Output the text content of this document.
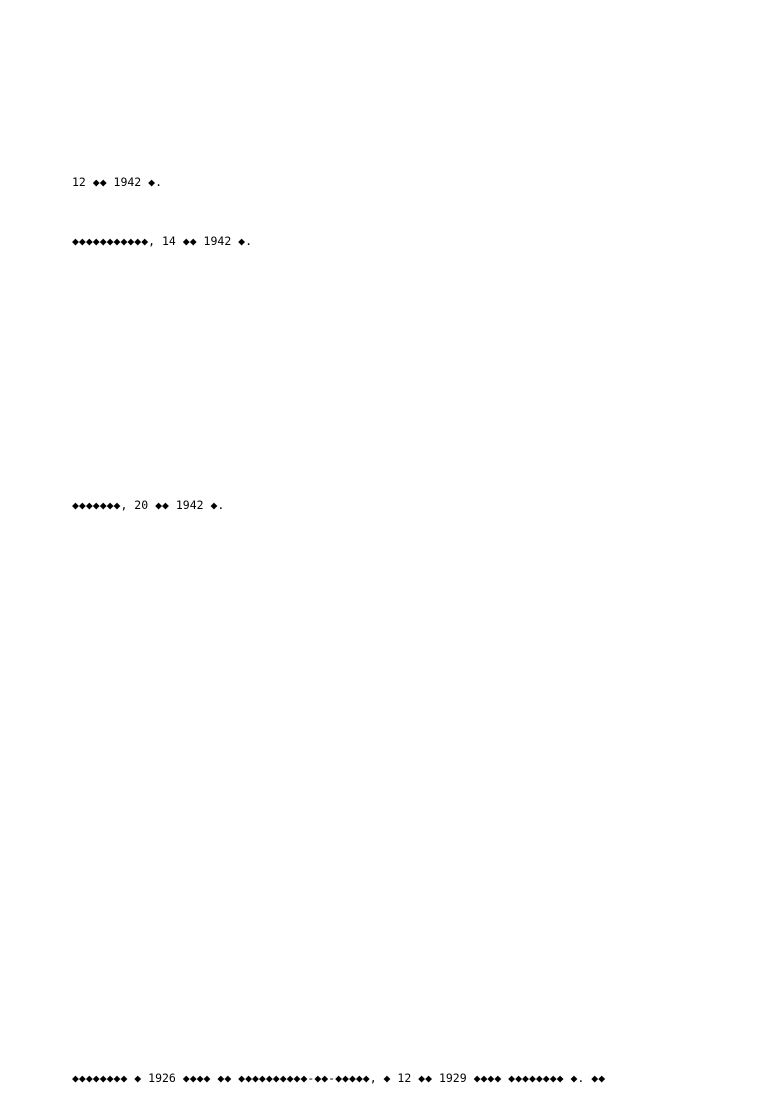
12 ◆◆ 1942 ◆.
◆◆◆◆◆◆◆◆◆◆◆, 14 ◆◆ 1942 ◆.
◆◆◆◆◆◆◆, 20 ◆◆ 1942 ◆.
◆◆◆◆◆◆◆◆ ◆ 1926 ◆◆◆◆ ◆◆ ◆◆◆◆◆◆◆◆◆◆-◆◆-◆◆◆◆◆, ◆ 12 ◆◆ 1929 ◆◆◆◆ ◆◆◆◆◆◆◆◆ ◆. ◆◆
